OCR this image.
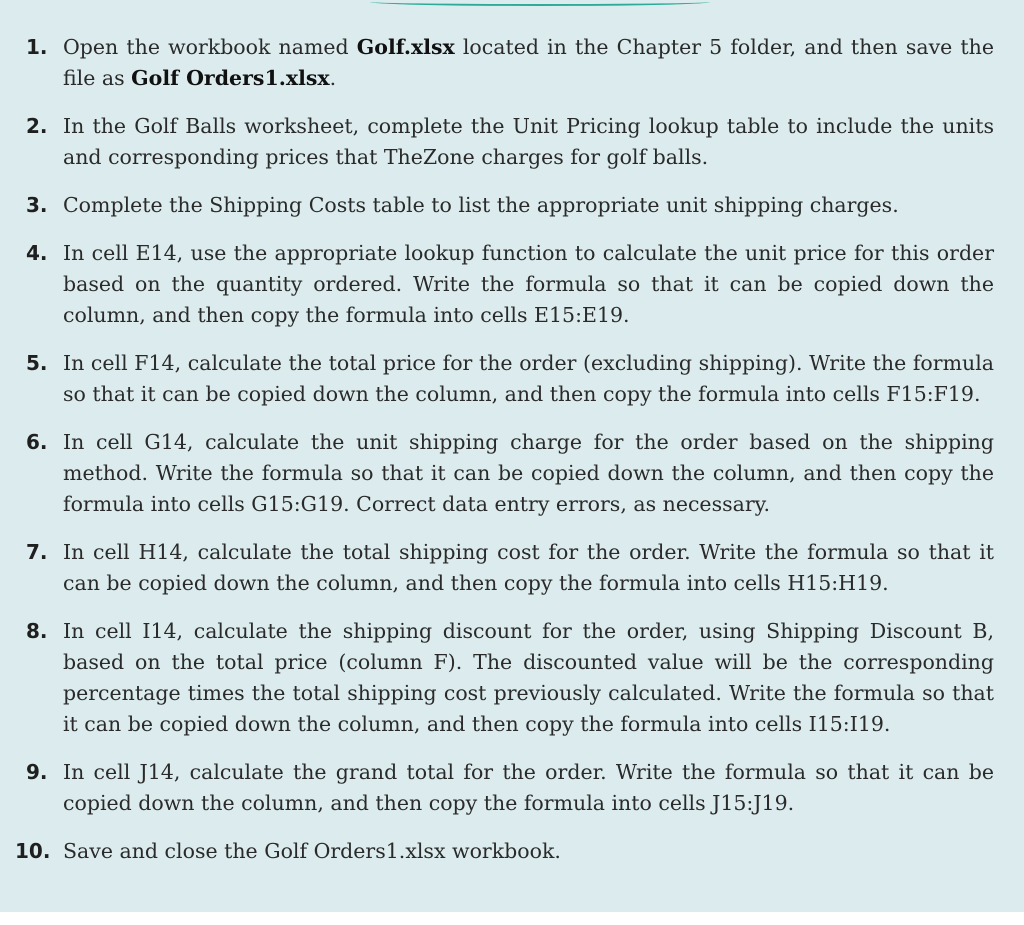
1. Open the workbook named Golf.xlsx located in the Chapter 5 folder, and then save the file as Golf Orders1.xlsx.
2. In the Golf Balls worksheet, complete the Unit Pricing lookup table to include the units and corresponding prices that TheZone charges for golf balls.
3. Complete the Shipping Costs table to list the appropriate unit shipping charges.
4. In cell E14, use the appropriate lookup function to calculate the unit price for this order based on the quantity ordered. Write the formula so that it can be copied down the column, and then copy the formula into cells E15:E19.
5. In cell F14, calculate the total price for the order (excluding shipping). Write the formula so that it can be copied down the column, and then copy the formula into cells F15:F19.
6. In cell G14, calculate the unit shipping charge for the order based on the shipping method. Write the formula so that it can be copied down the column, and then copy the formula into cells G15:G19. Correct data entry errors, as necessary.
7. In cell H14, calculate the total shipping cost for the order. Write the formula so that it can be copied down the column, and then copy the formula into cells H15:H19.
8. In cell I14, calculate the shipping discount for the order, using Shipping Discount B, based on the total price (column F). The discounted value will be the corresponding percentage times the total shipping cost previously calculated. Write the formula so that it can be copied down the column, and then copy the formula into cells I15:I19.
9. In cell J14, calculate the grand total for the order. Write the formula so that it can be copied down the column, and then copy the formula into cells J15:J19.
10. Save and close the Golf Orders1.xlsx workbook.
